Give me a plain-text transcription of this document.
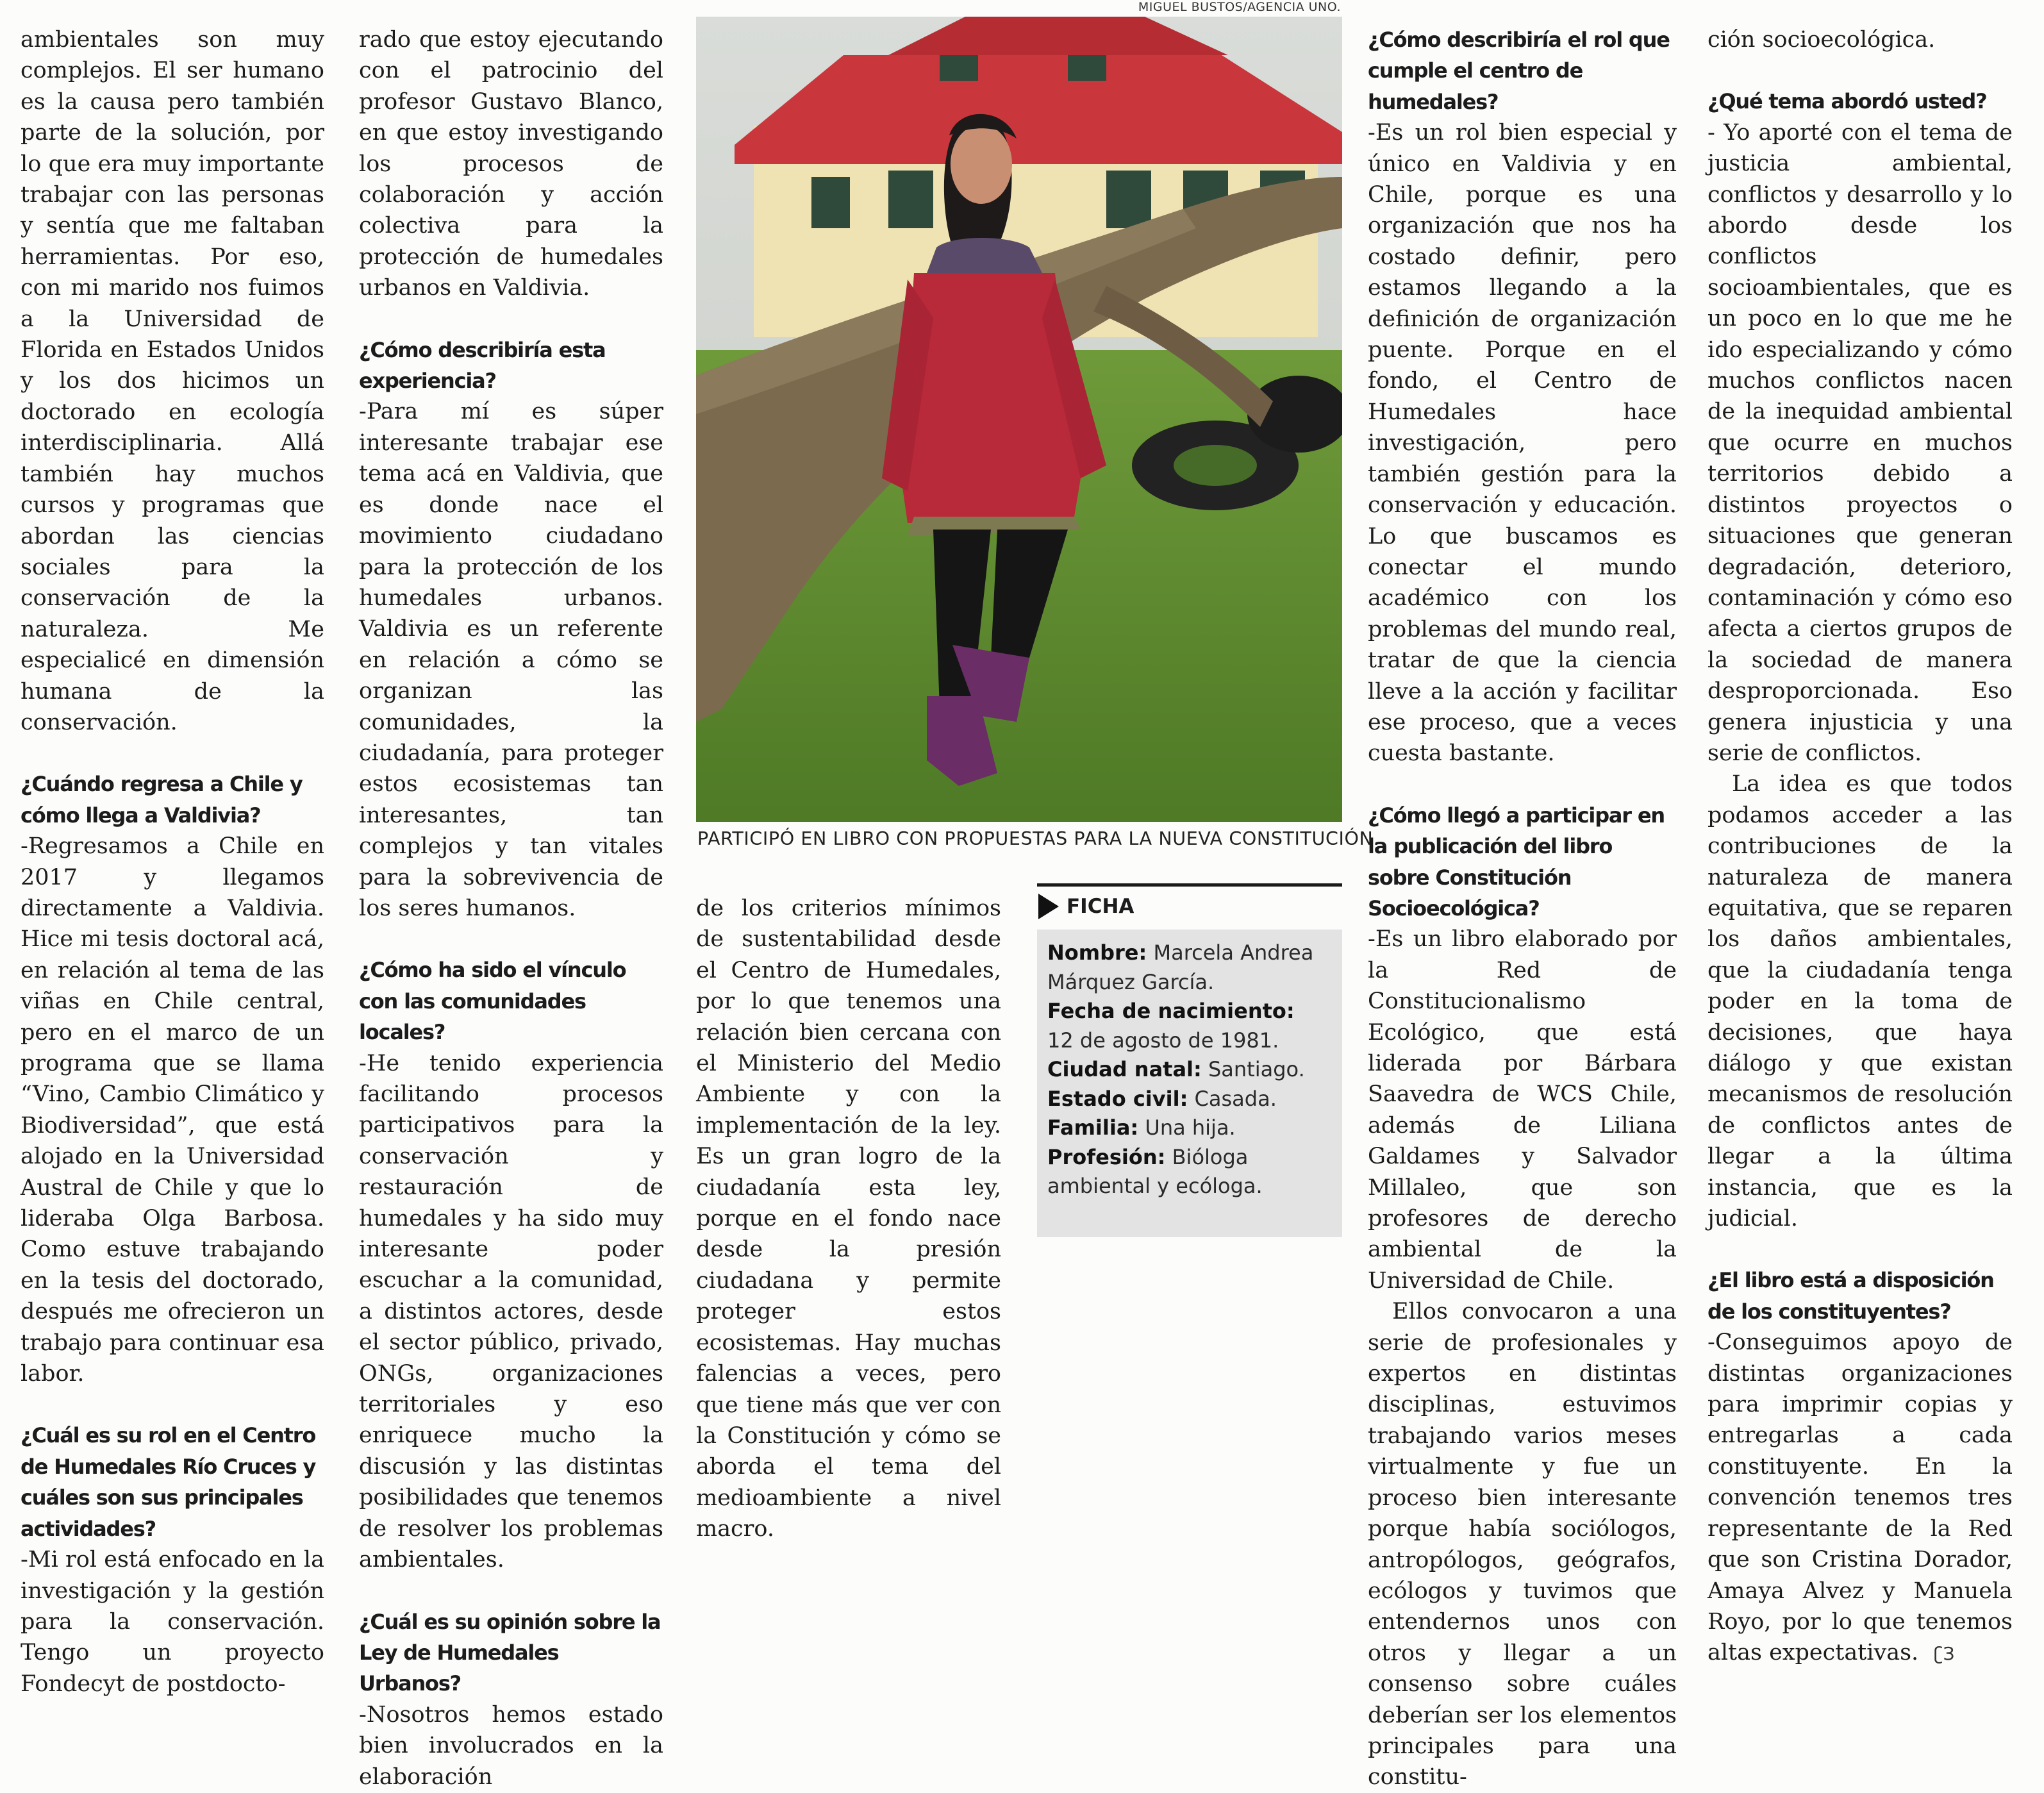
ambientales son muy complejos. El ser humano es la causa pero también parte de la solución, por lo que era muy importante trabajar con las personas y sentía que me faltaban herramientas. Por eso, con mi marido nos fuimos a la Universidad de Florida en Estados Unidos y los dos hicimos un doctorado en ecología interdisciplinaria. Allá también hay muchos cursos y programas que abordan las ciencias sociales para la conservación de la naturaleza. Me especialicé en dimensión humana de la conservación.

¿Cuándo regresa a Chile y cómo llega a Valdivia?

-Regresamos a Chile en 2017 y llegamos directamente a Valdivia. Hice mi tesis doctoral acá, en relación al tema de las viñas en Chile central, pero en el marco de un programa que se llama “Vino, Cambio Climático y Biodiversidad”, que está alojado en la Universidad Austral de Chile y que lo lideraba Olga Barbosa. Como estuve trabajando en la tesis del doctorado, después me ofrecieron un trabajo para continuar esa labor.

¿Cuál es su rol en el Centro de Humedales Río Cruces y cuáles son sus principales actividades?

-Mi rol está enfocado en la investigación y la gestión para la conservación. Tengo un proyecto Fondecyt de postdocto-

rado que estoy ejecutando con el patrocinio del profesor Gustavo Blanco, en que estoy investigando los procesos de colaboración y acción colectiva para la protección de humedales urbanos en Valdivia.

¿Cómo describiría esta experiencia?

-Para mí es súper interesante trabajar ese tema acá en Valdivia, que es donde nace el movimiento ciudadano para la protección de los humedales urbanos. Valdivia es un referente en relación a cómo se organizan las comunidades, la ciudadanía, para proteger estos ecosistemas tan interesantes, tan complejos y tan vitales para la sobrevivencia de los seres humanos.

¿Cómo ha sido el vínculo con las comunidades locales?

-He tenido experiencia facilitando procesos participativos para la conservación y restauración de humedales y ha sido muy interesante poder escuchar a la comunidad, a distintos actores, desde el sector público, privado, ONGs, organizaciones territoriales y eso enriquece mucho la discusión y las distintas posibilidades que tenemos de resolver los problemas ambientales.

¿Cuál es su opinión sobre la Ley de Humedales Urbanos?

-Nosotros hemos estado bien involucrados en la elaboración

MIGUEL BUSTOS/AGENCIA UNO.
PARTICIPÓ EN LIBRO CON PROPUESTAS PARA LA NUEVA CONSTITUCIÓN.

de los criterios mínimos de sustentabilidad desde el Centro de Humedales, por lo que tenemos una relación bien cercana con el Ministerio del Medio Ambiente y con la implementación de la ley. Es un gran logro de la ciudadanía esta ley, porque en el fondo nace desde la presión ciudadana y permite proteger estos ecosistemas. Hay muchas falencias a veces, pero que tiene más que ver con la Constitución y cómo se aborda el tema del medioambiente a nivel macro.

FICHA
Nombre: Marcela Andrea Márquez García.
Fecha de nacimiento:
12 de agosto de 1981.
Ciudad natal: Santiago.
Estado civil: Casada.
Familia: Una hija.
Profesión: Bióloga ambiental y ecóloga.
¿Cómo describiría el rol que cumple el centro de humedales?

-Es un rol bien especial y único en Valdivia y en Chile, porque es una organización que nos ha costado definir, pero estamos llegando a la definición de organización puente. Porque en el fondo, el Centro de Humedales hace investigación, pero también gestión para la conservación y educación. Lo que buscamos es conectar el mundo académico con los problemas del mundo real, tratar de que la ciencia lleve a la acción y facilitar ese proceso, que a veces cuesta bastante.

¿Cómo llegó a participar en la publicación del libro sobre Constitución Socioecológica?

-Es un libro elaborado por la Red de Constitucionalismo Ecológico, que está liderada por Bárbara Saavedra de WCS Chile, además de Liliana Galdames y Salvador Millaleo, que son profesores de derecho ambiental de la Universidad de Chile.

Ellos convocaron a una serie de profesionales y expertos en distintas disciplinas, estuvimos trabajando varios meses virtualmente y fue un proceso bien interesante porque había sociólogos, antropólogos, geógrafos, ecólogos y tuvimos que entendernos unos con otros y llegar a un consenso sobre cuáles deberían ser los elementos principales para una constitu-

ción socioecológica.

¿Qué tema abordó usted?

- Yo aporté con el tema de justicia ambiental, conflictos y desarrollo y lo abordo desde los conflictos socioambientales, que es un poco en lo que me he ido especializando y cómo muchos conflictos nacen de la inequidad ambiental que ocurre en muchos territorios debido a distintos proyectos o situaciones que generan degradación, deterioro, contaminación y cómo eso afecta a ciertos grupos de la sociedad de manera desproporcionada. Eso genera injusticia y una serie de conflictos.

La idea es que todos podamos acceder a las contribuciones de la naturaleza de manera equitativa, que se reparen los daños ambientales, que la ciudadanía tenga poder en la toma de decisiones, que haya diálogo y que existan mecanismos de resolución de conflictos antes de llegar a la última instancia, que es la judicial.

¿El libro está a disposición de los constituyentes?

-Conseguimos apoyo de distintas organizaciones para imprimir copias y entregarlas a cada constituyente. En la convención tenemos tres representante de la Red que son Cristina Dorador, Amaya Alvez y Manuela Royo, por lo que tenemos altas expectativas. ʗЗ
